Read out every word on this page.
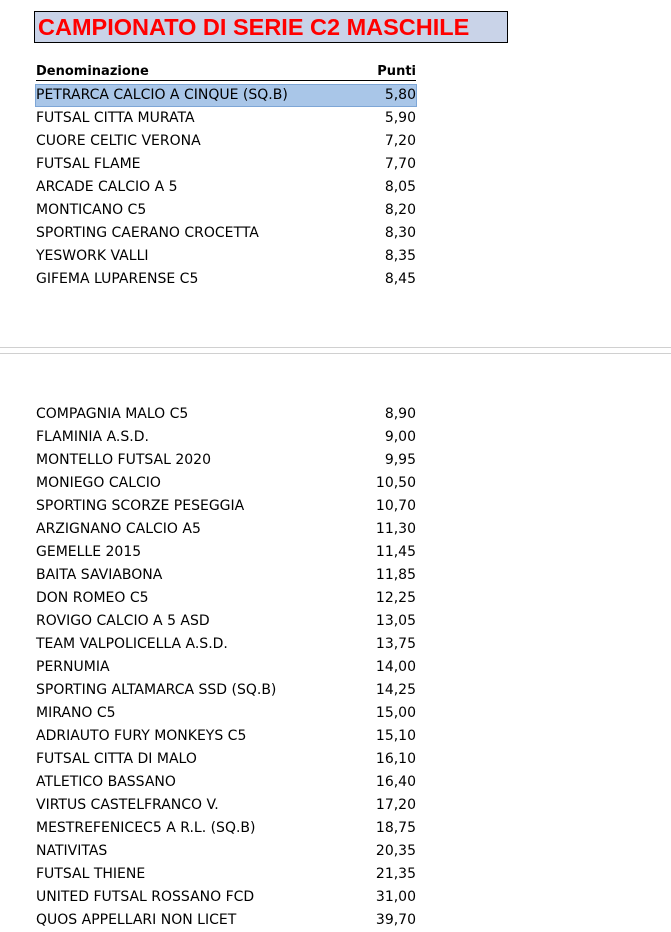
CAMPIONATO DI SERIE C2 MASCHILE
Denominazione	Punti
PETRARCA CALCIO A CINQUE (SQ.B)	5,80
FUTSAL CITTA MURATA	5,90
CUORE CELTIC VERONA	7,20
FUTSAL FLAME	7,70
ARCADE CALCIO A 5	8,05
MONTICANO C5	8,20
SPORTING CAERANO CROCETTA	8,30
YESWORK VALLI	8,35
GIFEMA LUPARENSE C5	8,45
COMPAGNIA MALO C5	8,90
FLAMINIA A.S.D.	9,00
MONTELLO FUTSAL 2020	9,95
MONIEGO CALCIO	10,50
SPORTING SCORZE PESEGGIA	10,70
ARZIGNANO CALCIO A5	11,30
GEMELLE 2015	11,45
BAITA SAVIABONA	11,85
DON ROMEO C5	12,25
ROVIGO CALCIO A 5 ASD	13,05
TEAM VALPOLICELLA A.S.D.	13,75
PERNUMIA	14,00
SPORTING ALTAMARCA SSD (SQ.B)	14,25
MIRANO C5	15,00
ADRIAUTO FURY MONKEYS C5	15,10
FUTSAL CITTA DI MALO	16,10
ATLETICO BASSANO	16,40
VIRTUS CASTELFRANCO V.	17,20
MESTREFENICEC5 A R.L. (SQ.B)	18,75
NATIVITAS	20,35
FUTSAL THIENE	21,35
UNITED FUTSAL ROSSANO FCD	31,00
QUOS APPELLARI NON LICET	39,70
